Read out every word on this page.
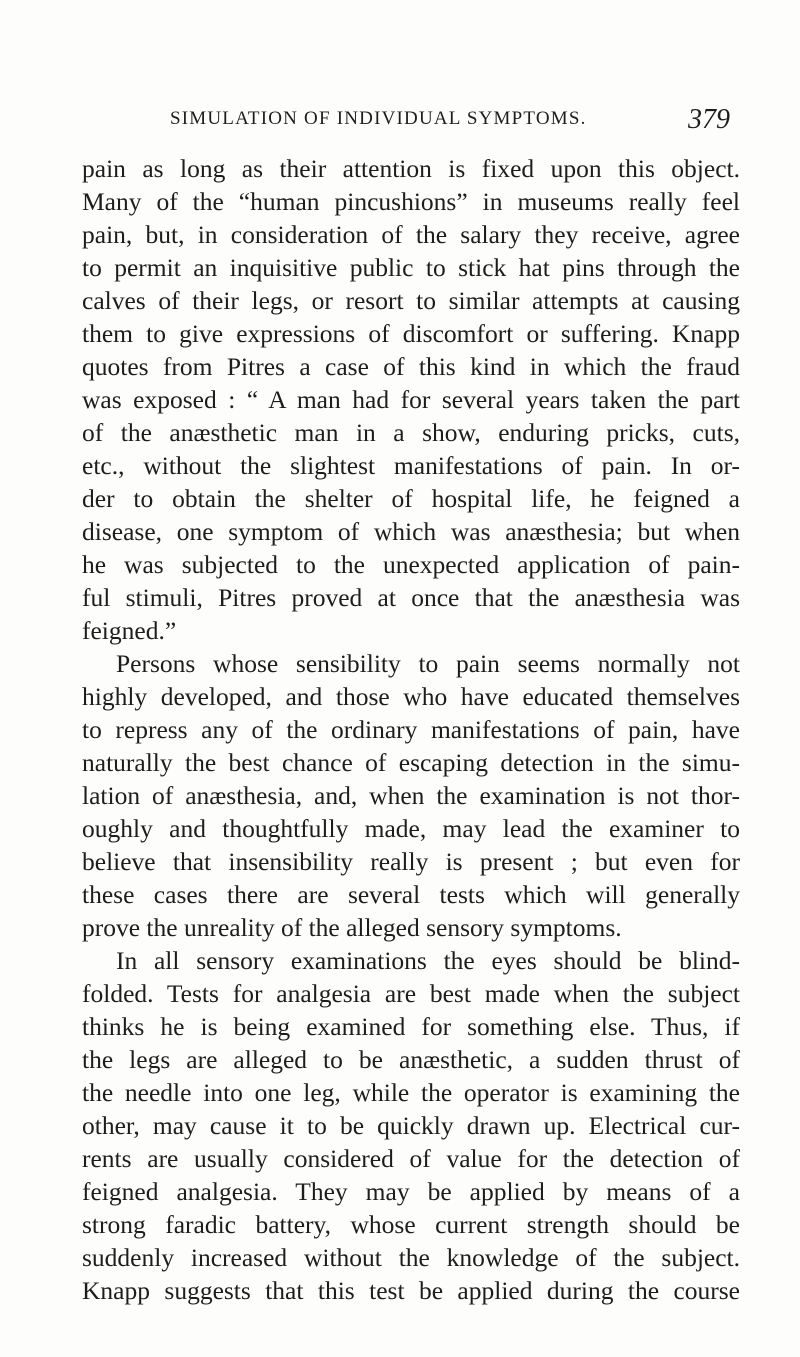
SIMULATION OF INDIVIDUAL SYMPTOMS.	379
pain as long as their attention is fixed upon this object.
Many of the “human pincushions” in museums really feel
pain, but, in consideration of the salary they receive, agree
to permit an inquisitive public to stick hat pins through the
calves of their legs, or resort to similar attempts at causing
them to give expressions of discomfort or suffering. Knapp
quotes from Pitres a case of this kind in which the fraud
was exposed : “ A man had for several years taken the part
of the anæsthetic man in a show, enduring pricks, cuts,
etc., without the slightest manifestations of pain. In or-
der to obtain the shelter of hospital life, he feigned a
disease, one symptom of which was anæsthesia; but when
he was subjected to the unexpected application of pain-
ful stimuli, Pitres proved at once that the anæsthesia was
feigned.”
Persons whose sensibility to pain seems normally not
highly developed, and those who have educated themselves
to repress any of the ordinary manifestations of pain, have
naturally the best chance of escaping detection in the simu-
lation of anæsthesia, and, when the examination is not thor-
oughly and thoughtfully made, may lead the examiner to
believe that insensibility really is present ; but even for
these cases there are several tests which will generally
prove the unreality of the alleged sensory symptoms.
In all sensory examinations the eyes should be blind-
folded. Tests for analgesia are best made when the subject
thinks he is being examined for something else. Thus, if
the legs are alleged to be anæsthetic, a sudden thrust of
the needle into one leg, while the operator is examining the
other, may cause it to be quickly drawn up. Electrical cur-
rents are usually considered of value for the detection of
feigned analgesia. They may be applied by means of a
strong faradic battery, whose current strength should be
suddenly increased without the knowledge of the subject.
Knapp suggests that this test be applied during the course
